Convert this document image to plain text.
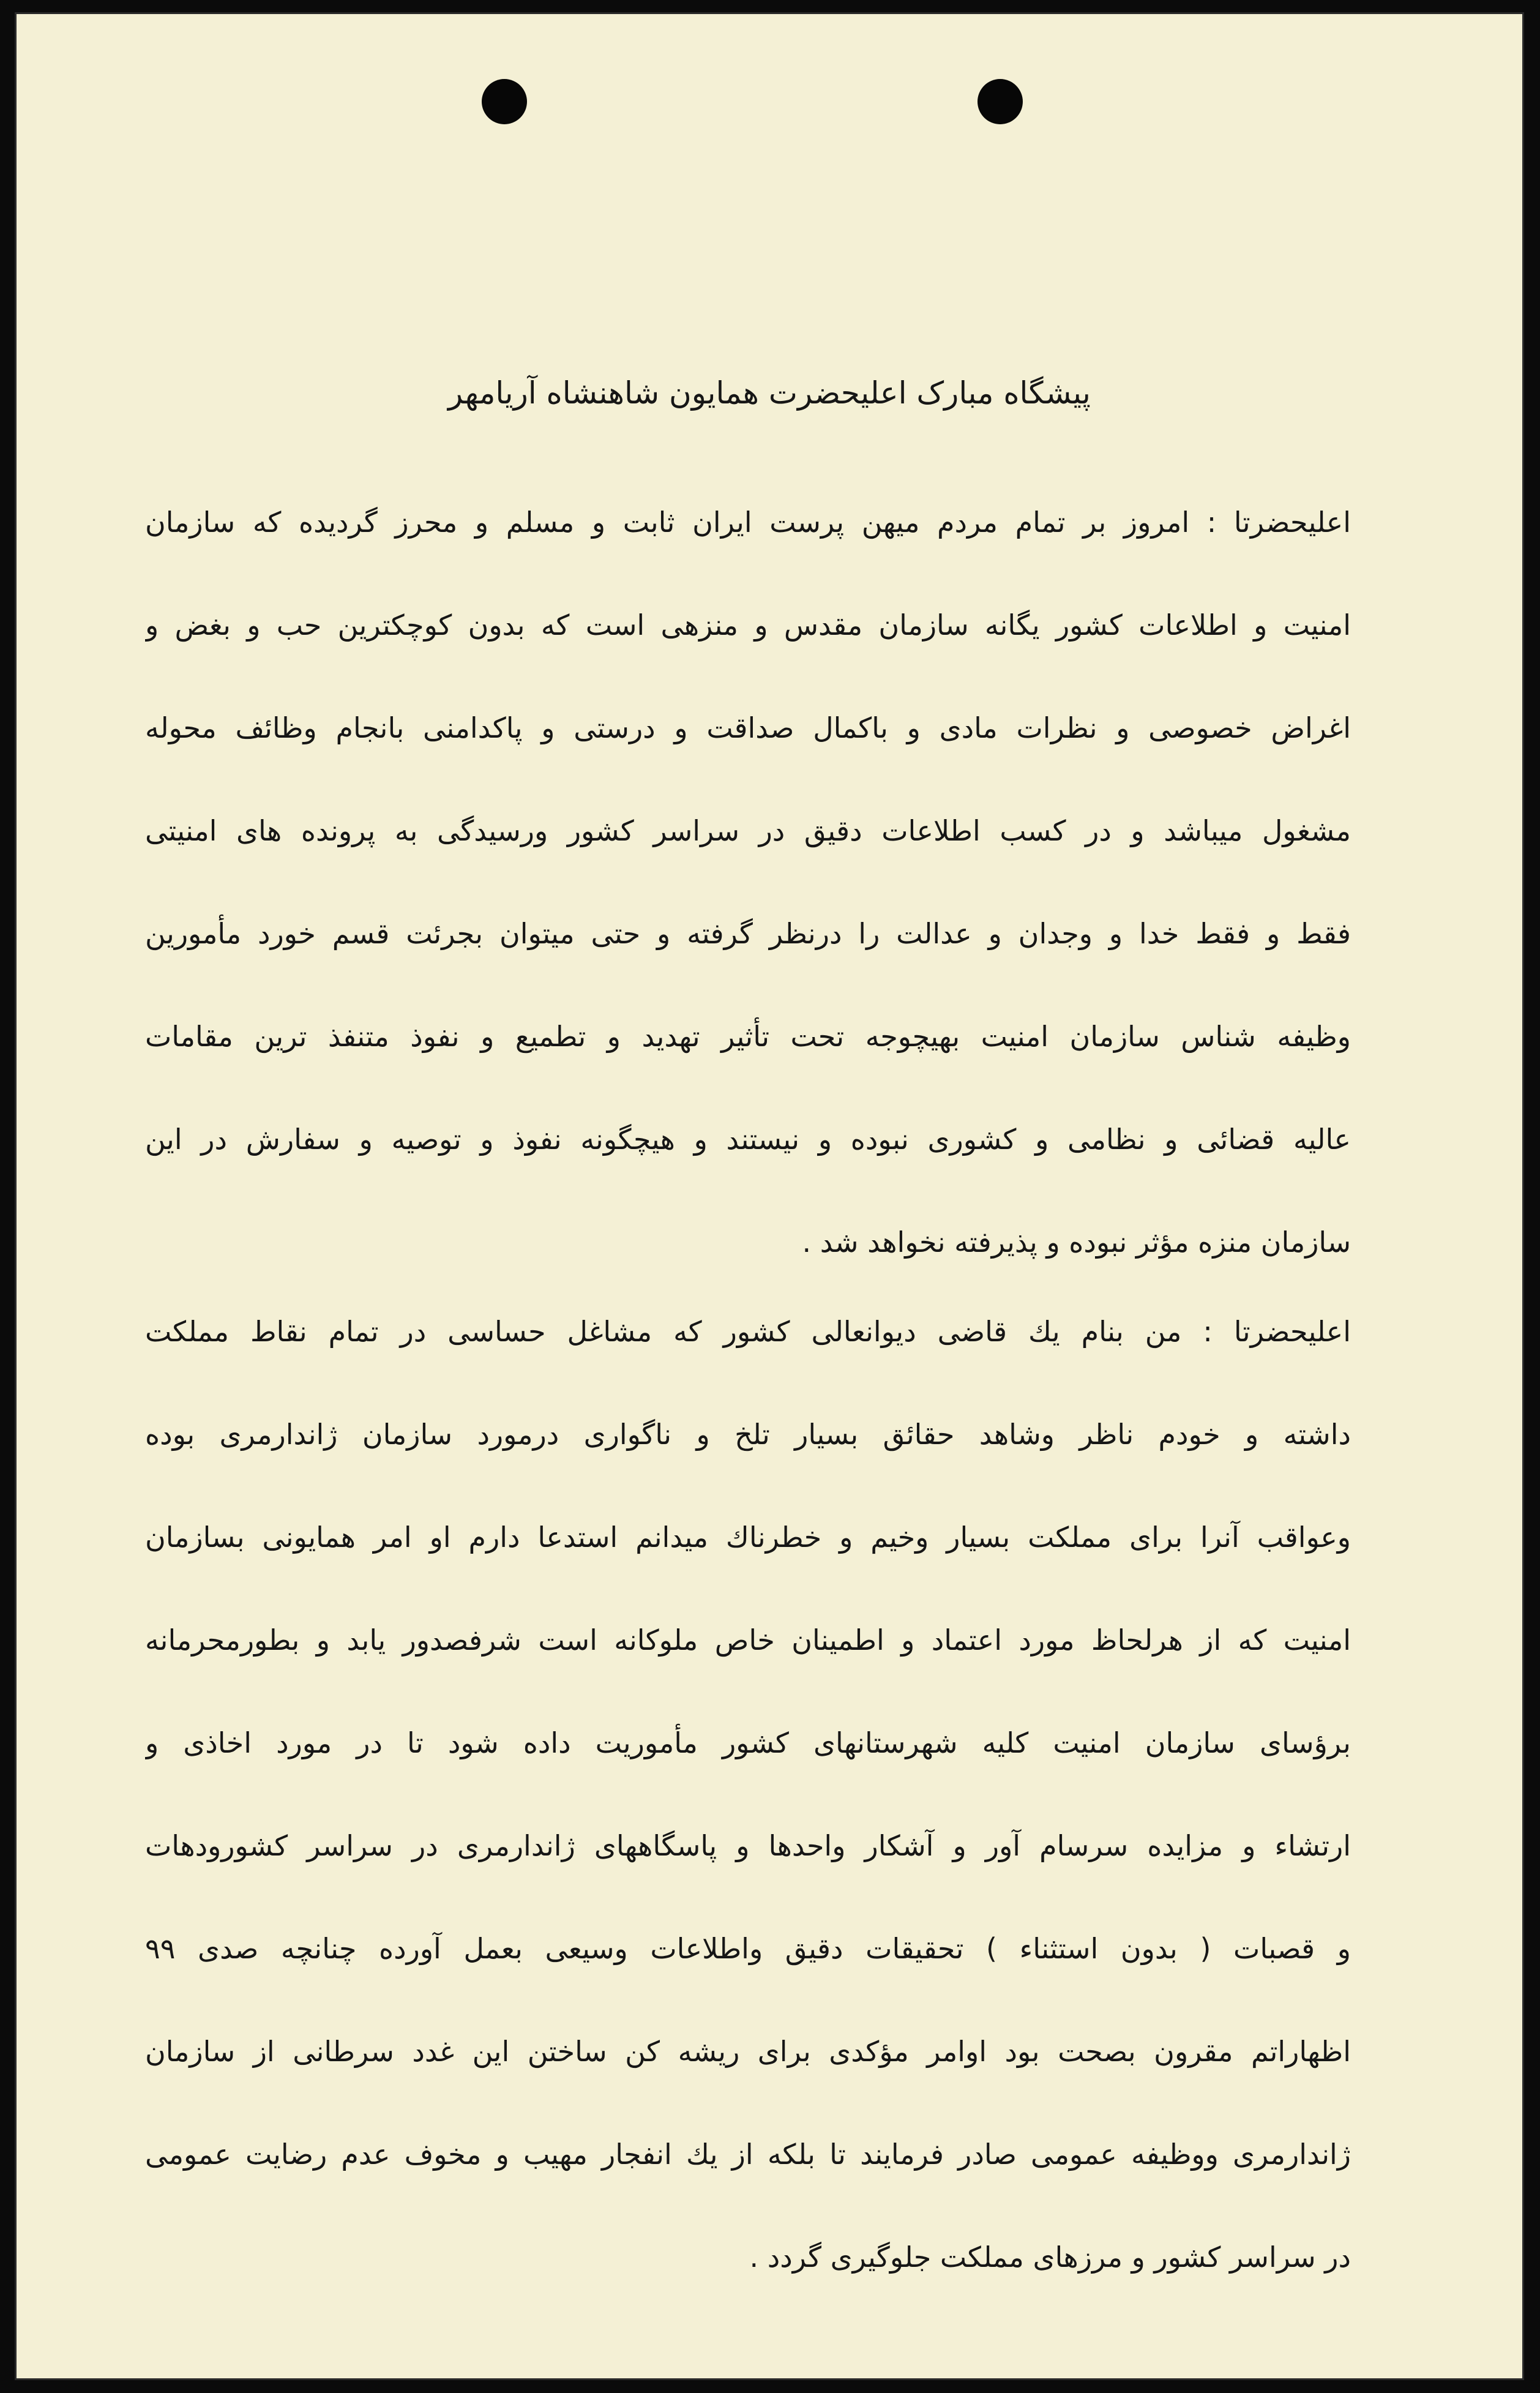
پیشگاه مبارک اعلیحضرت همایون شاهنشاه آریامهر
اعلیحضرتا : امروز بر تمام مردم میهن پرست ایران ثابت و مسلم و محرز گردیده که سازمان
امنیت و اطلاعات کشور یگانه سازمان مقدس و منزهی است که بدون کوچکترین حب و بغض و
اغراض خصوصی و نظرات مادی و باکمال صداقت و درستی و پاکدامنی بانجام وظائف محوله
مشغول میباشد و در کسب اطلاعات دقیق در سراسر کشور ورسیدگی به پرونده های امنیتی
فقط و فقط خدا و وجدان و عدالت را درنظر گرفته و حتی میتوان بجرئت قسم خورد مأمورین
وظیفه شناس سازمان امنیت بهیچوجه تحت تأثیر تهدید و تطمیع و نفوذ متنفذ ترین مقامات
عالیه قضائی و نظامی و کشوری نبوده و نیستند و هیچگونه نفوذ و توصیه و سفارش در این
سازمان منزه مؤثر نبوده و پذیرفته نخواهد شد .
اعلیحضرتا : من بنام یك قاضی دیوانعالی کشور که مشاغل حساسی در تمام نقاط مملکت
داشته و خودم ناظر وشاهد حقائق بسیار تلخ و ناگواری درمورد سازمان ژاندارمری بوده
وعواقب آنرا برای مملکت بسیار وخیم و خطرناك میدانم استدعا دارم او امر همایونی بسازمان
امنیت که از هرلحاظ مورد اعتماد و اطمینان خاص ملوکانه است شرفصدور یابد و بطورمحرمانه
برؤسای سازمان امنیت کلیه شهرستانهای کشور مأموریت داده شود تا در مورد اخاذی و
ارتشاء و مزایده سرسام آور و آشکار واحدها و پاسگاههای ژاندارمری در سراسر کشورودهات
و قصبات ( بدون استثناء ) تحقیقات دقیق واطلاعات وسیعی بعمل آورده چنانچه صدی ۹۹
اظهاراتم مقرون بصحت بود اوامر مؤکدی برای ریشه کن ساختن این غدد سرطانی از سازمان
ژاندارمری ووظیفه عمومی صادر فرمایند تا بلکه از یك انفجار مهیب و مخوف عدم رضایت عمومی
در سراسر کشور و مرزهای مملکت جلوگیری گردد .
